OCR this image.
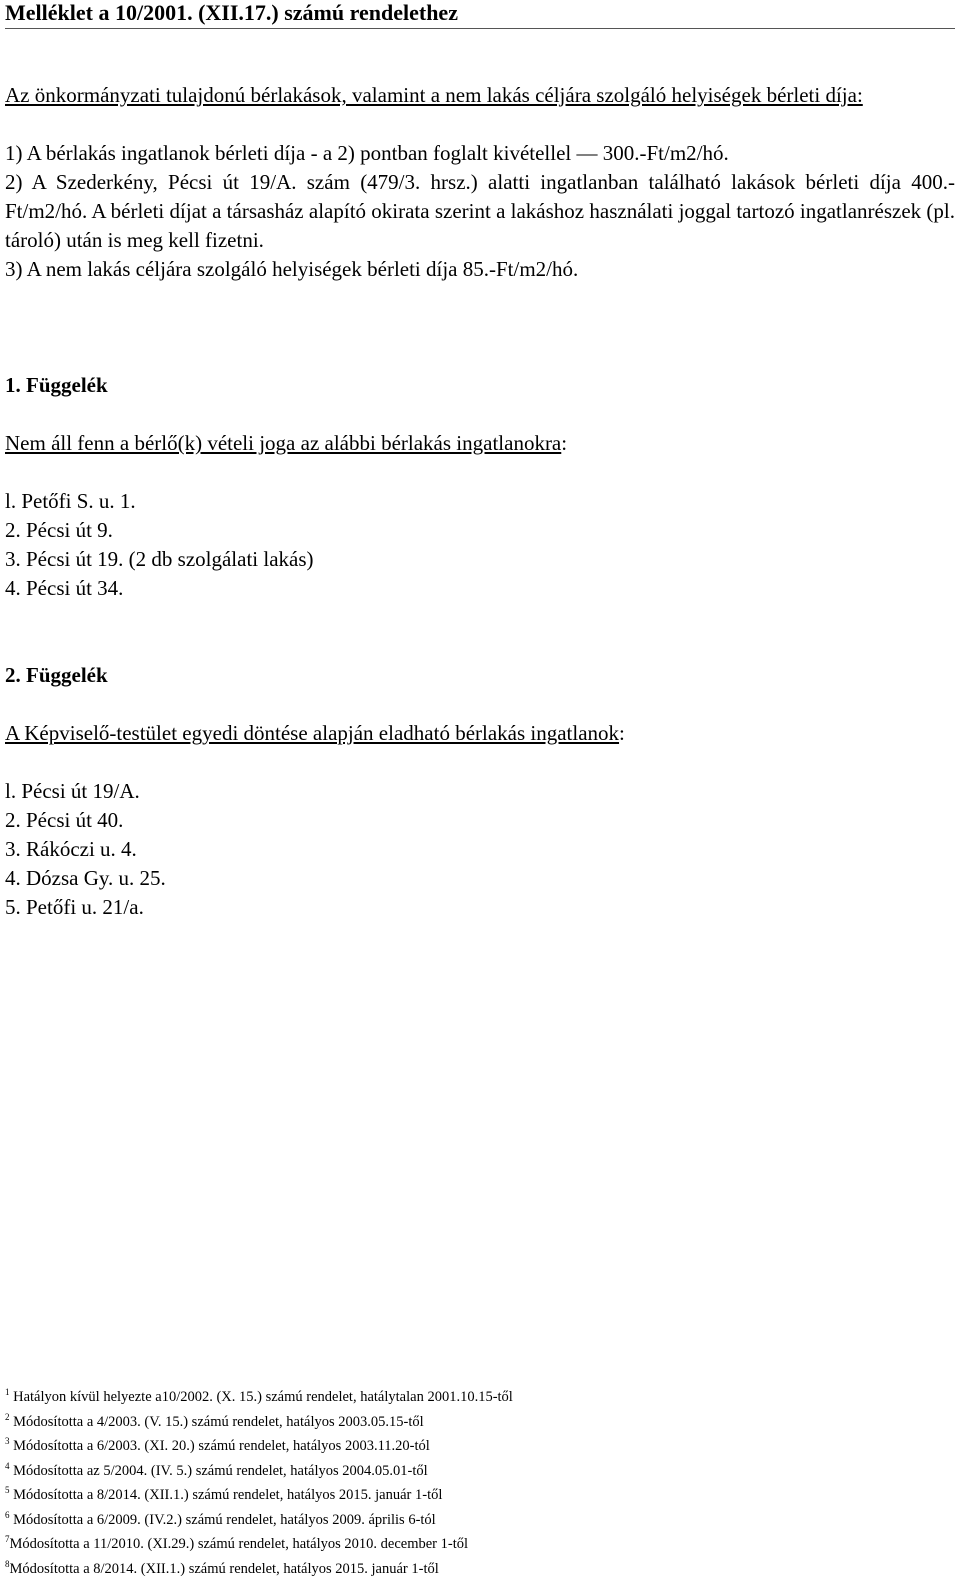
Melléklet a 10/2001. (XII.17.) számú rendelethez

Az önkormányzati tulajdonú bérlakások, valamint a nem lakás céljára szolgáló helyiségek bérleti díja:

1) A bérlakás ingatlanok bérleti díja - a 2) pontban foglalt kivétellel — 300.-Ft/m2/hó.

2) A Szederkény, Pécsi út 19/A. szám (479/3. hrsz.) alatti ingatlanban található lakások bérleti díja 400.-Ft/m2/hó. A bérleti díjat a társasház alapító okirata szerint a lakáshoz használati joggal tartozó ingatlanrészek (pl. tároló) után is meg kell fizetni.

3) A nem lakás céljára szolgáló helyiségek bérleti díja 85.-Ft/m2/hó.

1. Függelék

Nem áll fenn a bérlő(k) vételi joga az alábbi bérlakás ingatlanokra:

l. Petőfi S. u. 1.

2. Pécsi út 9.

3. Pécsi út 19. (2 db szolgálati lakás)

4. Pécsi út 34.

2. Függelék

A Képviselő-testület egyedi döntése alapján eladható bérlakás ingatlanok:

l. Pécsi út 19/A.

2. Pécsi út 40.

3. Rákóczi u. 4.

4. Dózsa Gy. u. 25.

5. Petőfi u. 21/a.

$^1$ Hatályon kívül helyezte a10/2002. (X. 15.) számú rendelet, hatálytalan 2001.10.15-től
$^2$ Módosította a 4/2003. (V. 15.) számú rendelet, hatályos 2003.05.15-től
$^3$ Módosította a 6/2003. (XI. 20.) számú rendelet, hatályos 2003.11.20-tól
$^4$ Módosította az 5/2004. (IV. 5.) számú rendelet, hatályos 2004.05.01-től
$^5$ Módosította a 8/2014. (XII.1.) számú rendelet, hatályos 2015. január 1-től
$^6$ Módosította a 6/2009. (IV.2.) számú rendelet, hatályos 2009. április 6-tól
$^7$Módosította a 11/2010. (XI.29.) számú rendelet, hatályos 2010. december 1-től
$^8$Módosította a 8/2014. (XII.1.) számú rendelet, hatályos 2015. január 1-től
